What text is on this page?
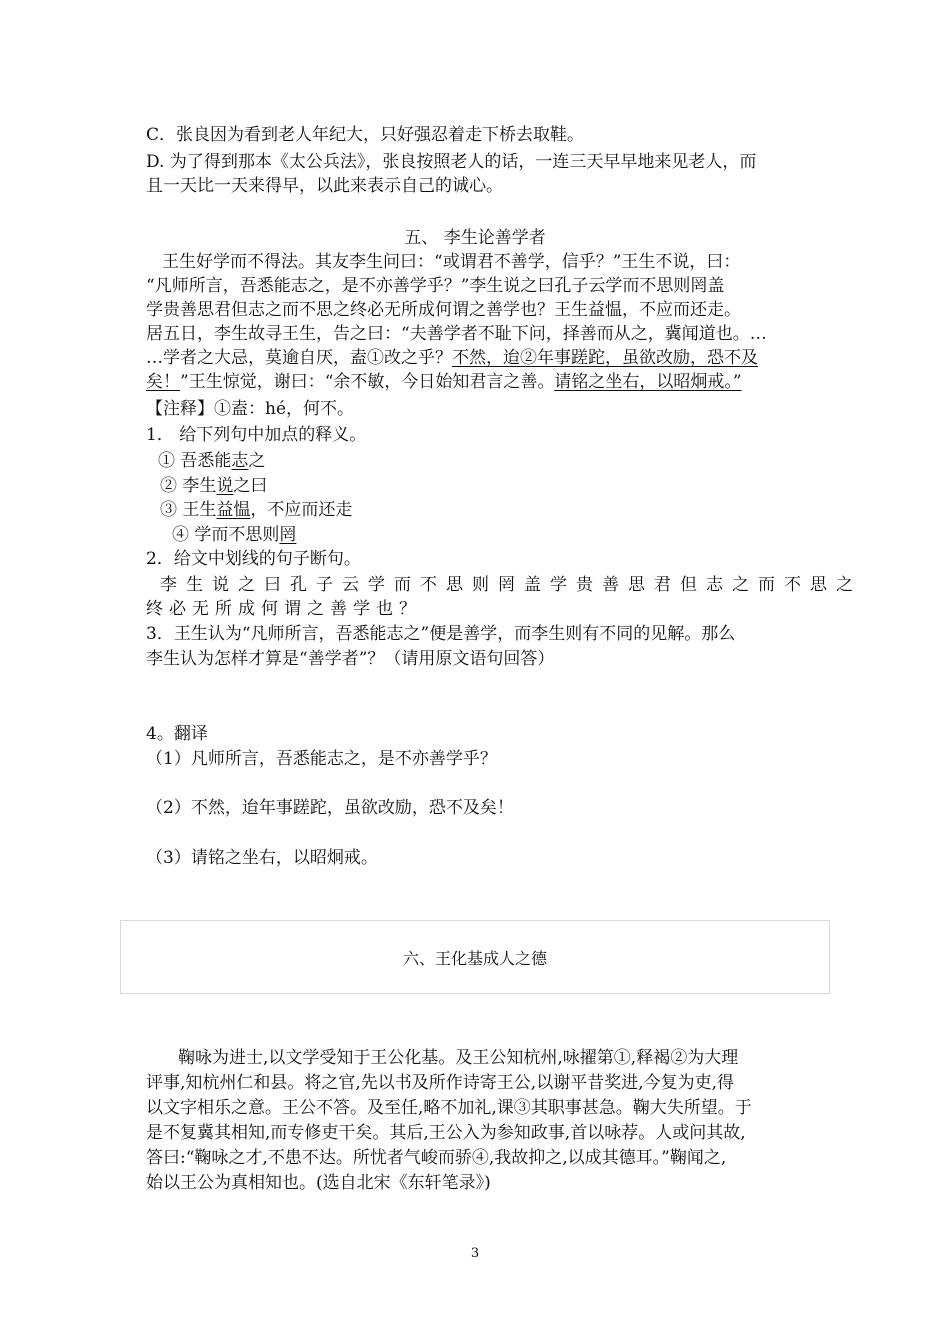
C．张良因为看到老人年纪大，只好强忍着走下桥去取鞋。
D. 为了得到那本《太公兵法》，张良按照老人的话，一连三天早早地来见老人，而
且一天比一天来得早，以此来表示自己的诚心。
五、 李生论善学者
王生好学而不得法。其友李生问曰：“或谓君不善学，信乎？”王生不说，曰：
“凡师所言，吾悉能志之，是不亦善学乎？”李生说之曰孔子云学而不思则罔盖
学贵善思君但志之而不思之终必无所成何谓之善学也？王生益愠，不应而还走。
居五日，李生故寻王生，告之曰：“夫善学者不耻下问，择善而从之，冀闻道也。…
…学者之大忌，莫逾自厌，盍①改之乎？不然，迨②年事蹉跎，虽欲改励，恐不及
矣！”王生惊觉，谢曰：“余不敏，今日始知君言之善。请铭之坐右，以昭炯戒。”
【注释】①盍：hé，何不。
1． 给下列句中加点的释义。
① 吾悉能志之
② 李生说之曰
③ 王生益愠，不应而还走
④ 学而不思则罔
2．给文中划线的句子断句。
李生说之曰孔子云学而不思则罔盖学贵善思君但志之而不思之
终必无所成何谓之善学也？
3．王生认为“凡师所言，吾悉能志之”便是善学，而李生则有不同的见解。那么
李生认为怎样才算是“善学者”？（请用原文语句回答）
4。翻译
（1）凡师所言，吾悉能志之，是不亦善学乎？
（2）不然，迨年事蹉跎，虽欲改励，恐不及矣！
（3）请铭之坐右，以昭炯戒。
六、王化基成人之德
鞠咏为进士,以文学受知于王公化基。及王公知杭州,咏擢第①,释褐②为大理
评事,知杭州仁和县。将之官,先以书及所作诗寄王公,以谢平昔奖进,今复为吏,得
以文字相乐之意。王公不答。及至任,略不加礼,课③其职事甚急。鞠大失所望。于
是不复冀其相知,而专修吏干矣。其后,王公入为参知政事,首以咏荐。人或问其故,
答曰:“鞠咏之才,不患不达。所忧者气峻而骄④,我故抑之,以成其德耳。”鞠闻之,
始以王公为真相知也。(选自北宋《东轩笔录》)
3
